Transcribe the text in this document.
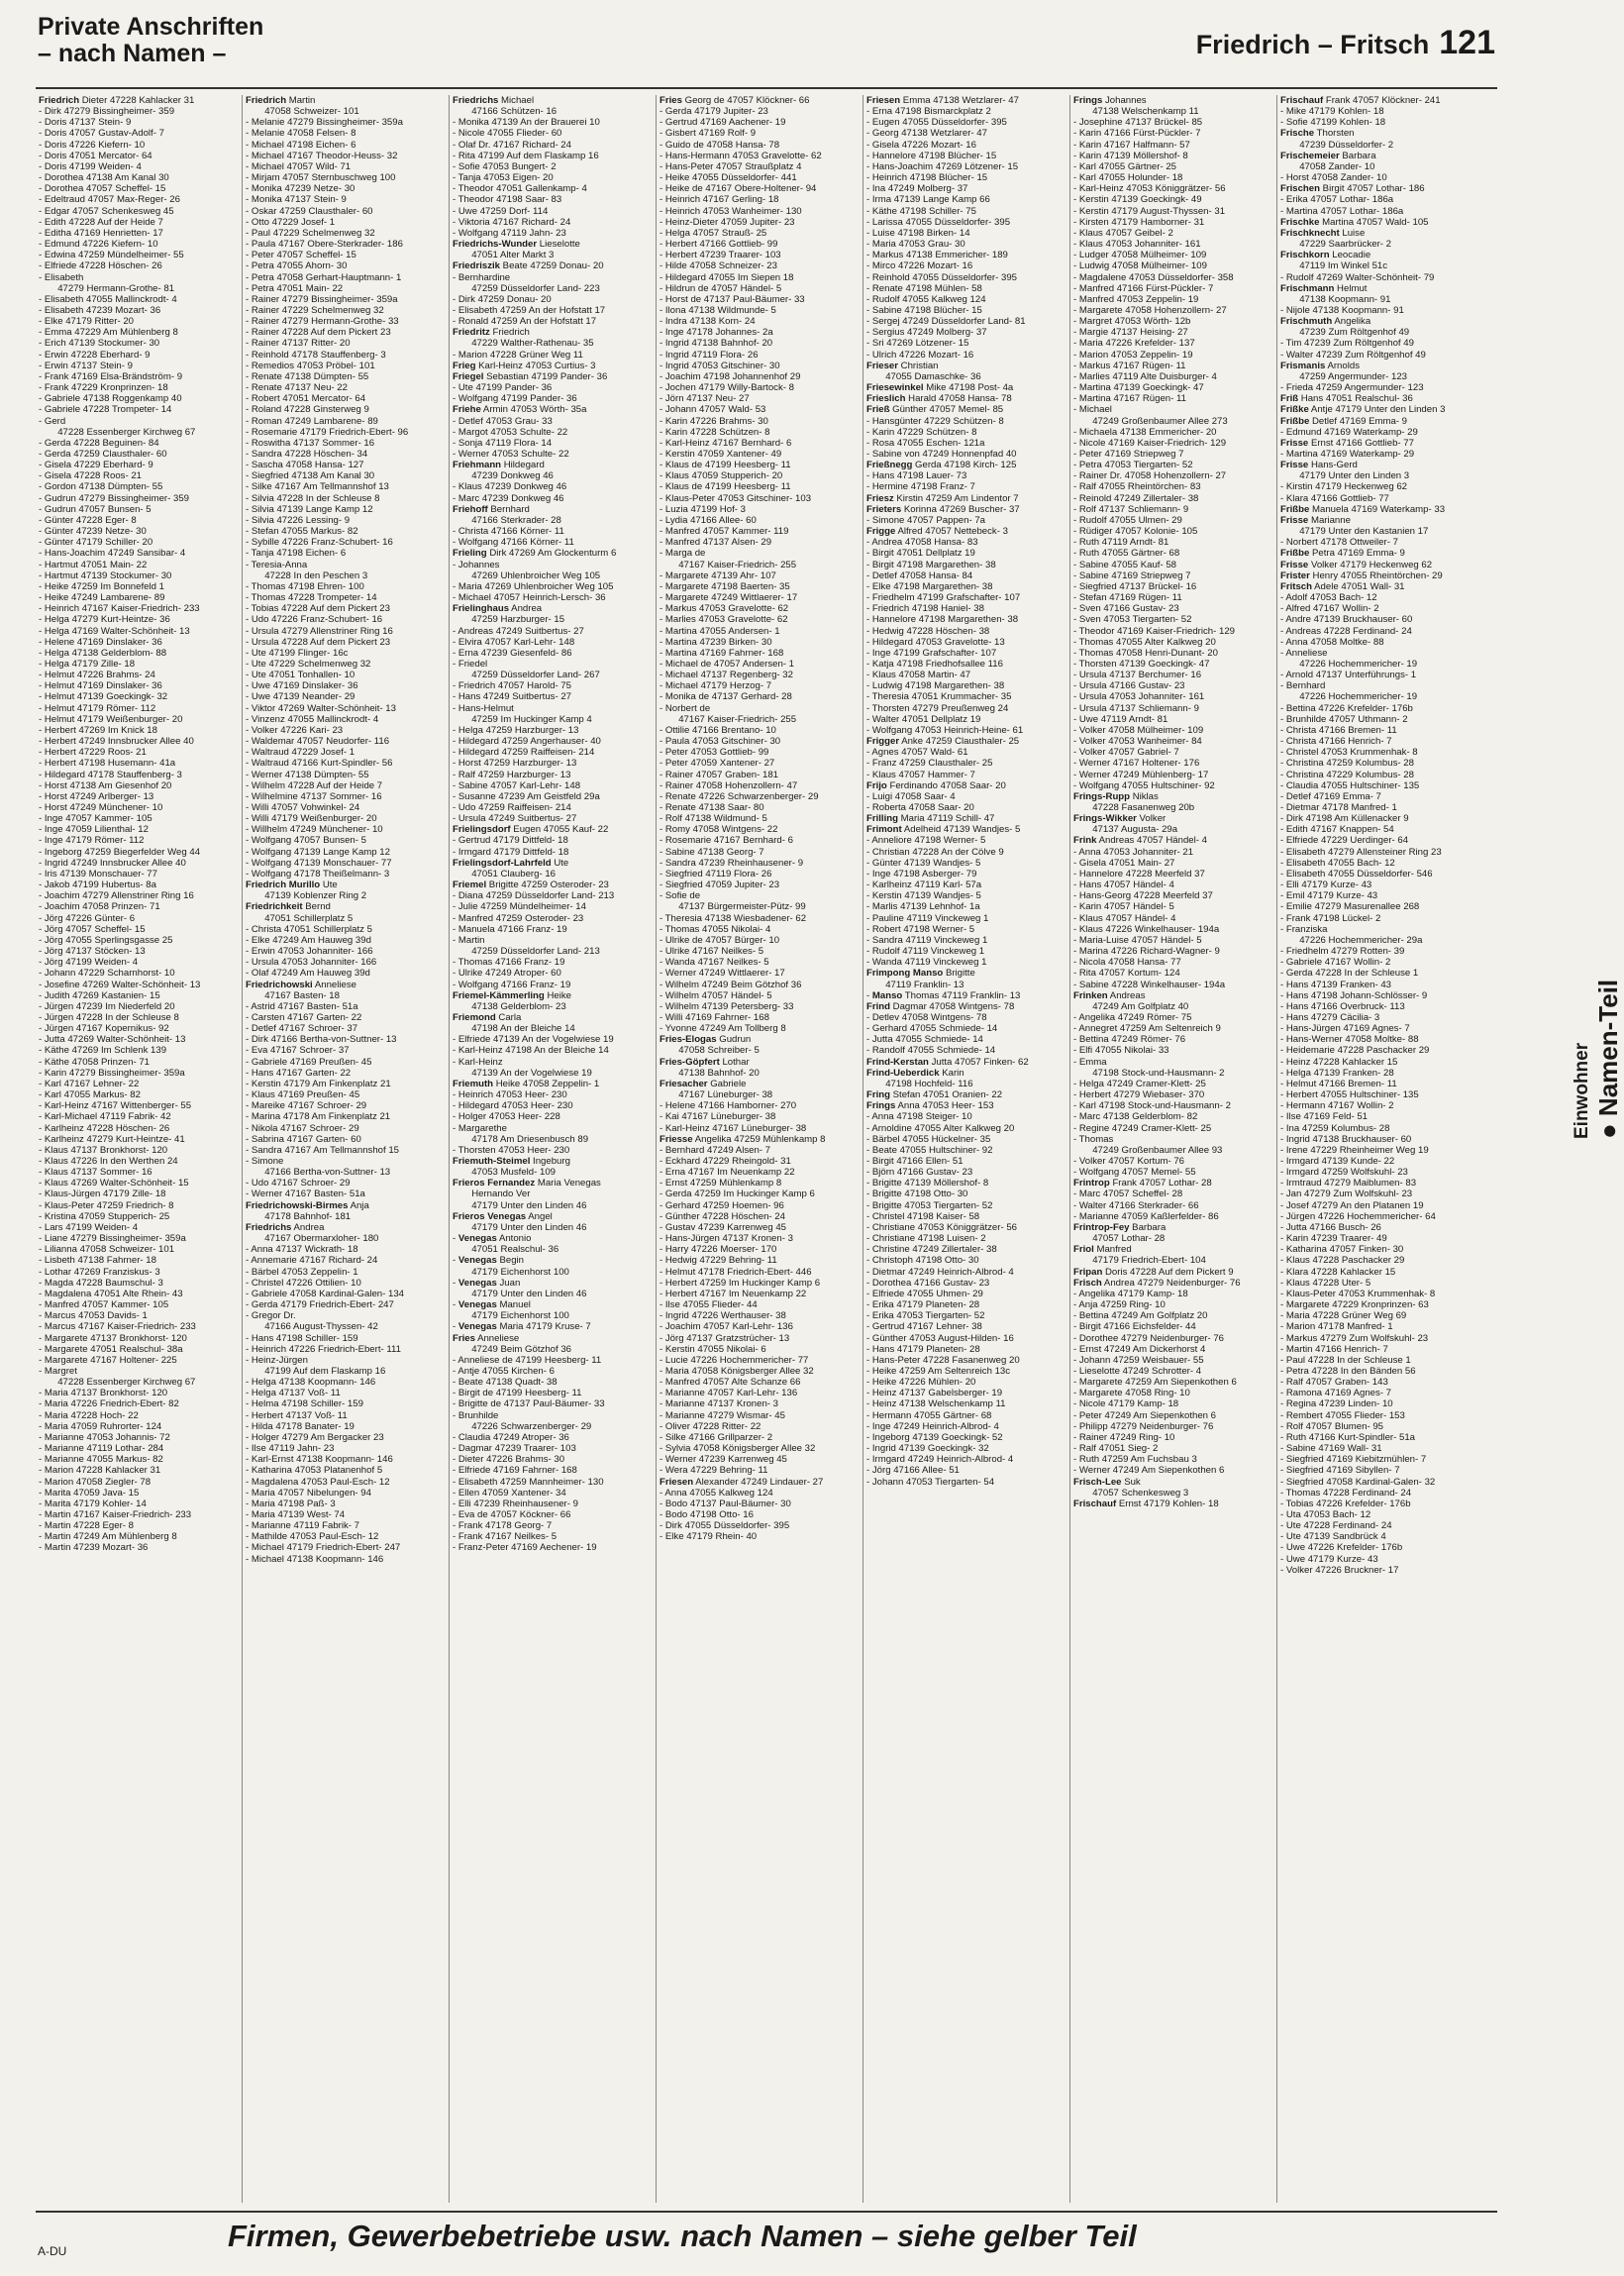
Private Anschriften
– nach Namen –	Friedrich – Fritsch 121
Friedrich Dieter 47228 Kahlacker 31
- Dirk 47279 Bissingheimer- 359
- Doris 47137 Stein- 9
- Doris 47057 Gustav-Adolf- 7
- Doris 47226 Kiefern- 10
- Doris 47051 Mercator- 64
- Doris 47199 Weiden- 4
- Dorothea 47138 Am Kanal 30
- Dorothea 47057 Scheffel- 15
- Edeltraud 47057 Max-Reger- 26
- Edgar 47057 Schenkesweg 45
- Edith 47228 Auf der Heide 7
- Editha 47169 Henrietten- 17
- Edmund 47226 Kiefern- 10
- Edwina 47259 Mündelheimer- 55
- Elfriede 47228 Höschen- 26
- Elisabeth
  47279 Hermann-Grothe- 81
- Elisabeth 47055 Mallinckrodt- 4
- Elisabeth 47239 Mozart- 36
- Elke 47179 Ritter- 20
- Emma 47229 Am Mühlenberg 8
- Erich 47139 Stockumer- 30
- Erwin 47228 Eberhard- 9
- Erwin 47137 Stein- 9
- Frank 47169 Elsa-Brändström- 9
- Frank 47229 Kronprinzen- 18
- Gabriele 47138 Roggenkamp 40
- Gabriele 47228 Trompeter- 14
- Gerd
  47228 Essenberger Kirchweg 67
- Gerda 47228 Beguinen- 84
- Gerda 47259 Clausthaler- 60
- Gisela 47229 Eberhard- 9
- Gisela 47228 Roos- 21
- Gordon 47138 Dümpten- 55
- Gudrun 47279 Bissingheimer- 359
- Gudrun 47057 Bunsen- 5
- Günter 47228 Eger- 8
- Günter 47239 Netze- 30
- Günter 47179 Schiller- 20
- Hans-Joachim 47249 Sansibar- 4
- Hartmut 47051 Main- 22
- Hartmut 47139 Stockumer- 30
- Heike 47259 Im Bonnefeld 1
- Heike 47249 Lambarene- 89
- Heinrich 47167 Kaiser-Friedrich- 233
- Helga 47279 Kurt-Heintze- 36
- Helga 47169 Walter-Schönheit- 13
- Helene 47169 Dinslaker- 36
- Helga 47138 Gelderblom- 88
- Helga 47179 Zille- 18
- Helmut 47226 Brahms- 24
- Helmut 47169 Dinslaker- 36
- Helmut 47139 Goeckingk- 32
- Helmut 47179 Römer- 112
- Helmut 47179 Weißenburger- 20
- Herbert 47269 Im Knick 18
- Herbert 47249 Innsbrucker Allee 40
- Herbert 47229 Roos- 21
- Herbert 47198 Husemann- 41a
- Hildegard 47178 Stauffenberg- 3
- Horst 47138 Am Giesenhof 20
- Horst 47249 Arlberger- 13
- Horst 47249 Münchener- 10
- Inge 47057 Kammer- 105
- Inge 47059 Lilienthal- 12
- Inge 47179 Römer- 112
- Ingeborg 47259 Biegerfelder Weg 44
- Ingrid 47249 Innsbrucker Allee 40
- Iris 47139 Monschauer- 77
- Jakob 47199 Hubertus- 8a
- Joachim 47279 Allenstriner Ring 16
- Joachim 47058 Prinzen- 71
- Jörg 47226 Günter- 6
- Jörg 47057 Scheffel- 15
- Jörg 47055 Sperlingsgasse 25
- Jörg 47137 Stöcken- 13
- Jörg 47199 Weiden- 4
- Johann 47229 Scharnhorst- 10
- Josefine 47269 Walter-Schönheit- 13
- Judith 47269 Kastanien- 15
- Jürgen 47239 Im Niederfeld 20
- Jürgen 47228 In der Schleuse 8
- Jürgen 47167 Kopernikus- 92
- Jutta 47269 Walter-Schönheit- 13
- Käthe 47269 Im Schlenk 139
- Käthe 47058 Prinzen- 71
- Karin 47279 Bissingheimer- 359a
- Karl 47167 Lehner- 22
- Karl 47055 Markus- 82
- Karl-Heinz 47167 Wittenberger- 55
- Karl-Michael 47119 Fabrik- 42
- Karlheinz 47228 Höschen- 26
- Karlheinz 47279 Kurt-Heintze- 41
- Klaus 47137 Bronkhorst- 120
- Klaus 47226 In den Werthen 24
- Klaus 47137 Sommer- 16
- Klaus 47269 Walter-Schönheit- 15
- Klaus-Jürgen 47179 Zille- 18
- Klaus-Peter 47259 Friedrich- 8
- Kristina 47059 Stupperich- 25
- Lars 47199 Weiden- 4
- Liane 47279 Bissingheimer- 359a
- Lilianna 47058 Schweizer- 101
- Lisbeth 47138 Fahrner- 18
- Lothar 47269 Franziskus- 3
- Magda 47228 Baumschul- 3
- Magdalena 47051 Alte Rhein- 43
- Manfred 47057 Kammer- 105
- Marcus 47053 Davids- 1
- Marcus 47167 Kaiser-Friedrich- 233
- Margarete 47137 Bronkhorst- 120
- Margarete 47051 Realschul- 38a
- Margarete 47167 Holtener- 225
- Margret
  47228 Essenberger Kirchweg 67
- Maria 47137 Bronkhorst- 120
- Maria 47226 Friedrich-Ebert- 82
- Maria 47228 Hoch- 22
- Maria 47059 Ruhrorter- 124
- Marianne 47053 Johannis- 72
- Marianne 47119 Lothar- 284
- Marianne 47055 Markus- 82
- Marion 47228 Kahlacker 31
- Marion 47058 Ziegler- 78
- Marita 47059 Java- 15
- Marita 47179 Kohler- 14
- Martin 47167 Kaiser-Friedrich- 233
- Martin 47228 Eger- 8
- Martin 47249 Am Mühlenberg 8
- Martin 47239 Mozart- 36
Friedrich Martin
  47058 Schweizer- 101
- Melanie 47279 Bissingheimer- 359a
- Melanie 47058 Felsen- 8
- Michael 47198 Eichen- 6
- Michael 47167 Theodor-Heuss- 32
- Michael 47057 Wild- 71
- Mirjam 47057 Sternbuschweg 100
- Monika 47239 Netze- 30
- Monika 47137 Stein- 9
- Oskar 47259 Clausthaler- 60
- Otto 47229 Josef- 1
- Paul 47229 Schelmenweg 32
- Paula 47167 Obere-Sterkrader- 186
- Peter 47057 Scheffel- 15
- Petra 47055 Ahorn- 30
- Petra 47058 Gerhart-Hauptmann- 1
- Petra 47051 Main- 22
- Rainer 47279 Bissingheimer- 359a
- Rainer 47229 Schelmenweg 32
- Rainer 47279 Hermann-Grothe- 33
- Rainer 47228 Auf dem Pickert 23
- Rainer 47137 Ritter- 20
- Reinhold 47178 Stauffenberg- 3
- Remedios 47053 Pröbel- 101
- Renate 47138 Dümpten- 55
- Renate 47137 Neu- 22
- Robert 47051 Mercator- 64
- Roland 47228 Ginsterweg 9
- Roman 47249 Lambarene- 89
- Rosemarie 47179 Friedrich-Ebert- 96
- Roswitha 47137 Sommer- 16
- Sandra 47228 Höschen- 34
- Sascha 47058 Hansa- 127
- Siegfried 47138 Am Kanal 30
- Silke 47167 Am Tellmannshof 13
- Silvia 47228 In der Schleuse 8
- Silvia 47139 Lange Kamp 12
- Silvia 47226 Lessing- 9
- Stefan 47055 Markus- 82
- Sybille 47226 Franz-Schubert- 16
- Tanja 47198 Eichen- 6
- Teresia-Anna
  47228 In den Peschen 3
- Thomas 47198 Ehren- 100
- Thomas 47228 Trompeter- 14
- Tobias 47228 Auf dem Pickert 23
- Udo 47226 Franz-Schubert- 16
- Ursula 47279 Allenstriner Ring 16
- Ursula 47228 Auf dem Pickert 23
- Ute 47199 Flinger- 16c
- Ute 47229 Schelmenweg 32
- Ute 47051 Tonhallen- 10
- Uwe 47169 Dinslaker- 36
- Uwe 47139 Neander- 29
- Viktor 47269 Walter-Schönheit- 13
- Vinzenz 47055 Mallinckrodt- 4
- Volker 47226 Kari- 23
- Waldemar 47057 Neudorfer- 116
- Waltraud 47229 Josef- 1
- Waltraud 47166 Kurt-Spindler- 56
- Werner 47138 Dümpten- 55
- Wilhelm 47228 Auf der Heide 7
- Wilhelmine 47137 Sommer- 16
- Willi 47057 Vohwinkel- 24
- Willi 47179 Weißenburger- 20
- Willhelm 47249 Münchener- 10
- Wolfgang 47057 Bunsen- 5
- Wolfgang 47139 Lange Kamp 12
- Wolfgang 47139 Monschauer- 77
- Wolfgang 47178 Theißelmann- 3
Friedrich Murillo Ute
  47139 Koblenzer Ring 2
Friedrichkeit Bernd
  47051 Schillerplatz 5
- Christa 47051 Schillerplatz 5
- Elke 47249 Am Hauweg 39d
- Erwin 47053 Johanniter- 166
- Ursula 47053 Johanniter- 166
- Olaf 47249 Am Hauweg 39d
Friedrichowski Anneliese
  47167 Basten- 18
- Astrid 47167 Basten- 51a
- Carsten 47167 Garten- 22
- Detlef 47167 Schroer- 37
- Dirk 47166 Bertha-von-Suttner- 13
- Eva 47167 Schroer- 37
- Gabriele 47169 Preußen- 45
- Hans 47167 Garten- 22
- Kerstin 47179 Am Finkenplatz 21
- Klaus 47169 Preußen- 45
- Mareike 47167 Schroer- 29
- Marina 47178 Am Finkenplatz 21
- Nikola 47167 Schroer- 29
- Sabrina 47167 Garten- 60
- Sandra 47167 Am Tellmannshof 15
- Simone
  47166 Bertha-von-Suttner- 13
- Udo 47167 Schroer- 29
- Werner 47167 Basten- 51a
Friedrichowski-Birmes Anja
  47178 Bahnhof- 181
Friedrichs Andrea
  47167 Obermarxloher- 180
- Anna 47137 Wickrath- 18
- Annemarie 47167 Richard- 24
- Bärbel 47053 Zeppelin- 1
- Christel 47226 Ottilien- 10
- Gabriele 47058 Kardinal-Galen- 134
- Gerda 47179 Friedrich-Ebert- 247
- Gregor Dr.
  47166 August-Thyssen- 42
- Hans 47198 Schiller- 159
- Heinrich 47226 Friedrich-Ebert- 111
- Heinz-Jürgen
  47199 Auf dem Flaskamp 16
- Helga 47138 Koopmann- 146
- Helga 47137 Voß- 11
- Helma 47198 Schiller- 159
- Herbert 47137 Voß- 11
- Hilda 47178 Banater- 19
- Holger 47279 Am Bergacker 23
- Ilse 47119 Jahn- 23
- Karl-Ernst 47138 Koopmann- 146
- Katharina 47053 Platanenhof 5
- Magdalena 47053 Paul-Esch- 12
- Maria 47057 Nibelungen- 94
- Maria 47198 Paß- 3
- Maria 47139 West- 74
- Marianne 47119 Fabrik- 7
- Mathilde 47053 Paul-Esch- 12
- Michael 47179 Friedrich-Ebert- 247
- Michael 47138 Koopmann- 146
Friedrichs Michael
  47166 Schützen- 16
- Monika 47139 An der Brauerei 10
- Nicole 47055 Flieder- 60
- Olaf Dr. 47167 Richard- 24
- Rita 47199 Auf dem Flaskamp 16
- Sofie 47053 Bungert- 2
- Tanja 47053 Eigen- 20
- Theodor 47051 Gallenkamp- 4
- Theodor 47198 Saar- 83
- Uwe 47259 Dorf- 114
- Viktoria 47167 Richard- 24
- Wolfgang 47119 Jahn- 23
Friedrichs-Wunder Lieselotte
  47051 Alter Markt 3
Friedriszik Beate 47259 Donau- 20
- Bernhardine
  47259 Düsseldorfer Land- 223
- Dirk 47259 Donau- 20
- Elisabeth 47259 An der Hofstatt 17
- Ronald 47259 An der Hofstatt 17
Friedritz Friedrich
  47229 Walther-Rathenau- 35
- Marion 47228 Grüner Weg 11
Frieg Karl-Heinz 47053 Curtius- 3
Friegel Sebastian 47199 Pander- 36
- Ute 47199 Pander- 36
- Wolfgang 47199 Pander- 36
Friehe Armin 47053 Wörth- 35a
- Detlef 47053 Grau- 33
- Margot 47053 Schulte- 22
- Sonja 47119 Flora- 14
- Werner 47053 Schulte- 22
Friehmann Hildegard
  47239 Donkweg 46
- Klaus 47239 Donkweg 46
- Marc 47239 Donkweg 46
Friehoff Bernhard
  47166 Sterkrader- 28
- Christa 47166 Körner- 11
- Wolfgang 47166 Körner- 11
Frieling Dirk 47269 Am Glockenturm 6
- Johannes
  47269 Uhlenbroicher Weg 105
- Maria 47269 Uhlenbroicher Weg 105
- Michael 47057 Heinrich-Lersch- 36
Frielinghaus Andrea
  47259 Harzburger- 15
- Andreas 47249 Suitbertus- 27
- Elvira 47057 Karl-Lehr- 148
- Erna 47239 Giesenfeld- 86
- Friedel
  47259 Düsseldorfer Land- 267
- Friedrich 47057 Harold- 75
- Hans 47249 Suitbertus- 27
- Hans-Helmut
  47259 Im Huckinger Kamp 4
- Helga 47259 Harzburger- 13
- Hildegard 47259 Angerhauser- 40
- Hildegard 47259 Raiffeisen- 214
- Horst 47259 Harzburger- 13
- Ralf 47259 Harzburger- 13
- Sabine 47057 Karl-Lehr- 148
- Susanne 47239 Am Geistfeld 29a
- Udo 47259 Raiffeisen- 214
- Ursula 47249 Suitbertus- 27
Frielingsdorf Eugen 47055 Kauf- 22
- Gertrud 47179 Dittfeld- 18
- Irmgard 47179 Dittfeld- 18
Frielingsdorf-Lahrfeld Ute
  47051 Clauberg- 16
Friemel Brigitte 47259 Osteroder- 23
- Diana 47259 Düsseldorfer Land- 213
- Julie 47259 Mündelheimer- 14
- Manfred 47259 Osteroder- 23
- Manuela 47166 Franz- 19
- Martin
  47259 Düsseldorfer Land- 213
- Thomas 47166 Franz- 19
- Ulrike 47249 Atroper- 60
- Wolfgang 47166 Franz- 19
Friemel-Kämmerling Heike
  47138 Gelderblom- 23
Friemond Carla
  47198 An der Bleiche 14
- Elfriede 47139 An der Vogelwiese 19
- Karl-Heinz 47198 An der Bleiche 14
- Karl-Heinz
  47139 An der Vogelwiese 19
Friemuth Heike 47058 Zeppelin- 1
- Heinrich 47053 Heer- 230
- Hildegard 47053 Heer- 230
- Holger 47053 Heer- 228
- Margarethe
  47178 Am Driesenbusch 89
- Thorsten 47053 Heer- 230
Friemuth-Steimel Ingeburg
  47053 Musfeld- 109
Frieros Fernandez Maria Venegas
  Hernando Ver
  47179 Unter den Linden 46
Frieros Venegas Angel
  47179 Unter den Linden 46
- Venegas Antonio
  47051 Realschul- 36
- Venegas Begin
  47179 Eichenhorst 100
- Venegas Juan
  47179 Unter den Linden 46
- Venegas Manuel
  47179 Eichenhorst 100
- Venegas Maria 47179 Kruse- 7
Fries Anneliese
  47249 Beim Götzhof 36
- Anneliese de 47199 Heesberg- 11
- Antje 47055 Kirchen- 6
- Beate 47138 Quadt- 38
- Birgit de 47199 Heesberg- 11
- Brigitte de 47137 Paul-Bäumer- 33
- Brunhilde
  47226 Schwarzenberger- 29
- Claudia 47249 Atroper- 36
- Dagmar 47239 Traarer- 103
- Dieter 47226 Brahms- 30
- Elfriede 47169 Fahrner- 168
- Elisabeth 47259 Mannheimer- 130
- Ellen 47059 Xantener- 34
- Elli 47239 Rheinhausener- 9
- Eva de 47057 Köckner- 66
- Frank 47178 Georg- 7
- Frank 47167 Neilkes- 5
- Franz-Peter 47169 Aechener- 19
Fries Georg de 47057 Klöckner- 66
- Gerda 47179 Jupiter- 23
- Gertrud 47169 Aachener- 19
- Gisbert 47169 Rolf- 9
- Guido de 47058 Hansa- 78
- Hans-Hermann 47053 Gravelotte- 62
- Hans-Peter 47057 Straußplatz 4
- Heike 47055 Düsseldorfer- 441
- Heike de 47167 Obere-Holtener- 94
- Heinrich 47167 Gerling- 18
- Heinrich 47053 Wanheimer- 130
- Heinz-Dieter 47059 Jupiter- 23
- Helga 47057 Strauß- 25
- Herbert 47166 Gottlieb- 99
- Herbert 47239 Traarer- 103
- Hilde 47058 Schneizer- 23
- Hildegard 47055 Im Siepen 18
- Hildrun de 47057 Händel- 5
- Horst de 47137 Paul-Bäumer- 33
- Ilona 47138 Wildmunde- 5
- Indra 47138 Korn- 24
- Inge 47178 Johannes- 2a
- Ingrid 47138 Bahnhof- 20
- Ingrid 47119 Flora- 26
- Ingrid 47053 Gitschiner- 30
- Joachim 47198 Johannenhof 29
- Jochen 47179 Willy-Bartock- 8
- Jörn 47137 Neu- 27
- Johann 47057 Wald- 53
- Karin 47226 Brahms- 30
- Karin 47228 Schützen- 8
- Karl-Heinz 47167 Bernhard- 6
- Kerstin 47059 Xantener- 49
- Klaus de 47199 Heesberg- 11
- Klaus 47059 Stupperich- 20
- Klaus de 47199 Heesberg- 11
- Klaus-Peter 47053 Gitschiner- 103
- Luzia 47199 Hof- 3
- Lydia 47166 Allee- 60
- Manfred 47057 Kammer- 119
- Manfred 47137 Alsen- 29
- Marga de
  47167 Kaiser-Friedrich- 255
- Margarete 47139 Ahr- 107
- Margarete 47198 Baerten- 35
- Margarete 47249 Wittlaerer- 17
- Markus 47053 Gravelotte- 62
- Marlies 47053 Gravelotte- 62
- Martina 47055 Andersen- 1
- Martina 47239 Birken- 30
- Martina 47169 Fahrner- 168
- Michael de 47057 Andersen- 1
- Michael 47137 Regenberg- 32
- Michael 47179 Herzog- 7
- Monika de 47137 Gerhard- 28
- Norbert de
  47167 Kaiser-Friedrich- 255
- Ottilie 47166 Brentano- 10
- Paula 47053 Gitschiner- 30
- Peter 47053 Gottlieb- 99
- Peter 47059 Xantener- 27
- Rainer 47057 Graben- 181
- Rainer 47058 Hohenzollern- 47
- Renate 47226 Schwarzenberger- 29
- Renate 47138 Saar- 80
- Rolf 47138 Wildmund- 5
- Romy 47058 Wintgens- 22
- Rosemarie 47167 Bernhard- 6
- Sabine 47138 Georg- 7
- Sandra 47239 Rheinhausener- 9
- Siegfried 47119 Flora- 26
- Siegfried 47059 Jupiter- 23
- Sofie de
  47137 Bürgermeister-Pütz- 99
- Theresia 47138 Wiesbadener- 62
- Thomas 47055 Nikolai- 4
- Ulrike de 47057 Bürger- 10
- Ulrike 47167 Neilkes- 5
- Wanda 47167 Neilkes- 5
- Werner 47249 Wittlaerer- 17
- Wilhelm 47249 Beim Götzhof 36
- Wilhelm 47057 Händel- 5
- Wilhelm 47139 Petersberg- 33
- Willi 47169 Fahrner- 168
- Yvonne 47249 Am Tollberg 8
Fries-Elogas Gudrun
  47058 Schreiber- 5
Fries-Göpfert Lothar
  47138 Bahnhof- 20
Friesacher Gabriele
  47167 Lüneburger- 38
- Helene 47166 Hamborner- 270
- Kai 47167 Lüneburger- 38
- Karl-Heinz 47167 Lüneburger- 38
Friesse Angelika 47259 Mühlenkamp 8
- Bernhard 47249 Alsen- 7
- Eckhard 47229 Rheingold- 31
- Erna 47167 Im Neuenkamp 22
- Ernst 47259 Mühlenkamp 8
- Gerda 47259 Im Huckinger Kamp 6
- Gerhard 47259 Hoemen- 96
- Günther 47228 Höschen- 24
- Gustav 47239 Karrenweg 45
- Hans-Jürgen 47137 Kronen- 3
- Harry 47226 Moerser- 170
- Hedwig 47229 Behring- 11
- Helmut 47178 Friedrich-Ebert- 446
- Herbert 47259 Im Huckinger Kamp 6
- Herbert 47167 Im Neuenkamp 22
- Ilse 47055 Flieder- 44
- Ingrid 47226 Werthauser- 38
- Joachim 47057 Karl-Lehr- 136
- Jörg 47137 Gratzstrücher- 13
- Kerstin 47055 Nikolai- 6
- Lucie 47226 Hochemmericher- 77
- Maria 47058 Königsberger Allee 32
- Manfred 47057 Alte Schanze 66
- Marianne 47057 Karl-Lehr- 136
- Marianne 47137 Kronen- 3
- Marianne 47279 Wismar- 45
- Oliver 47228 Ritter- 22
- Silke 47166 Grillparzer- 2
- Sylvia 47058 Königsberger Allee 32
- Werner 47239 Karrenweg 45
- Wera 47229 Behring- 11
Friesen Alexander 47249 Lindauer- 27
- Anna 47055 Kalkweg 124
- Bodo 47137 Paul-Bäumer- 30
- Bodo 47198 Otto- 16
- Dirk 47055 Düsseldorfer- 395
- Elke 47179 Rhein- 40
Friesen Emma 47138 Wetzlarer- 47
- Erna 47198 Bismarckplatz 2
- Eugen 47055 Düsseldorfer- 395
- Georg 47138 Wetzlarer- 47
- Gisela 47226 Mozart- 16
- Hannelore 47198 Blücher- 15
- Hans-Joachim 47269 Lötzener- 15
- Heinrich 47198 Blücher- 15
- Ina 47249 Molberg- 37
- Irma 47139 Lange Kamp 66
- Käthe 47198 Schiller- 75
- Larissa 47055 Düsseldorfer- 395
- Luise 47198 Birken- 14
- Maria 47053 Grau- 30
- Markus 47138 Emmericher- 189
- Mirco 47226 Mozart- 16
- Reinhold 47055 Düsseldorfer- 395
- Renate 47198 Mühlen- 58
- Rudolf 47055 Kalkweg 124
- Sabine 47198 Blücher- 15
- Sergej 47249 Düsseldorfer Land- 81
- Sergius 47249 Molberg- 37
- Sri 47269 Lötzener- 15
- Ulrich 47226 Mozart- 16
Frieser Christian
  47055 Damaschke- 36
Friesewinkel Mike 47198 Post- 4a
Frieslich Harald 47058 Hansa- 78
Frieß Günther 47057 Memel- 85
- Hansgünter 47229 Schützen- 8
- Karin 47229 Schützen- 8
- Rosa 47055 Eschen- 121a
- Sabine von 47249 Honnenpfad 40
Frießnegg Gerda 47198 Kirch- 125
- Hans 47198 Lauer- 73
- Hermine 47198 Franz- 7
Friesz Kirstin 47259 Am Lindentor 7
Frieters Korinna 47269 Buscher- 37
- Simone 47057 Pappen- 7a
Frigge Alfred 47057 Nettebeck- 3
- Andrea 47058 Hansa- 83
- Birgit 47051 Dellplatz 19
- Birgit 47198 Margarethen- 38
- Detlef 47058 Hansa- 84
- Elke 47198 Margarethen- 38
- Friedhelm 47199 Grafschafter- 107
- Friedrich 47198 Haniel- 38
- Hannelore 47198 Margarethen- 38
- Hedwig 47228 Höschen- 38
- Hildegard 47053 Gravelotte- 13
- Inge 47199 Grafschafter- 107
- Katja 47198 Friedhofsallee 116
- Klaus 47058 Martin- 47
- Ludwig 47198 Margarethen- 38
- Theresia 47051 Krummacher- 35
- Thorsten 47279 Preußenweg 24
- Walter 47051 Dellplatz 19
- Wolfgang 47053 Heinrich-Heine- 61
Frigger Anke 47259 Clausthaler- 25
- Agnes 47057 Wald- 61
- Franz 47259 Clausthaler- 25
- Klaus 47057 Hammer- 7
Frijo Ferdinando 47058 Saar- 20
- Luigi 47058 Saar- 4
- Roberta 47058 Saar- 20
Frilling Maria 47119 Schill- 47
Frimont Adelheid 47139 Wandjes- 5
- Anneliore 47198 Werner- 5
- Christian 47228 An der Cölve 9
- Günter 47139 Wandjes- 5
- Inge 47198 Asberger- 79
- Karlheinz 47119 Karl- 57a
- Kerstin 47139 Wandjes- 5
- Marlis 47139 Lehnhof- 1a
- Pauline 47119 Vinckeweg 1
- Robert 47198 Werner- 5
- Sandra 47119 Vinckeweg 1
- Rudolf 47119 Vinckeweg 1
- Wanda 47119 Vinckeweg 1
Frimpong Manso Brigitte
  47119 Franklin- 13
- Manso Thomas 47119 Franklin- 13
Frind Dagmar 47058 Wintgens- 78
- Detlev 47058 Wintgens- 78
- Gerhard 47055 Schmiede- 14
- Jutta 47055 Schmiede- 14
- Randolf 47055 Schmiede- 14
Frind-Kerstan Jutta 47057 Finken- 62
Frind-Ueberdick Karin
  47198 Hochfeld- 116
Fring Stefan 47051 Oranien- 22
Frings Anna 47053 Heer- 153
- Anna 47198 Steiger- 10
- Arnoldine 47055 Alter Kalkweg 20
- Bärbel 47055 Hückelner- 35
- Beate 47055 Hultschiner- 92
- Birgit 47166 Ellen- 51
- Björn 47166 Gustav- 23
- Brigitte 47139 Möllershof- 8
- Brigitte 47198 Otto- 30
- Brigitte 47053 Tiergarten- 52
- Christel 47198 Kaiser- 58
- Christiane 47053 Königgrätzer- 56
- Christiane 47198 Luisen- 2
- Christine 47249 Zillertaler- 38
- Christoph 47198 Otto- 30
- Dietmar 47249 Heinrich-Albrod- 4
- Dorothea 47166 Gustav- 23
- Elfriede 47055 Uhmen- 29
- Erika 47179 Planeten- 28
- Erika 47053 Tiergarten- 52
- Gertrud 47167 Lehner- 38
- Günther 47053 August-Hilden- 16
- Hans 47179 Planeten- 28
- Hans-Peter 47228 Fasanenweg 20
- Heike 47259 Am Seltenreich 13c
- Heike 47226 Mühlen- 20
- Heinz 47137 Gabelsberger- 19
- Heinz 47138 Welschenkamp 11
- Hermann 47055 Gärtner- 68
- Inge 47249 Heinrich-Albrod- 4
- Ingeborg 47139 Goeckingk- 52
- Ingrid 47139 Goeckingk- 32
- Irmgard 47249 Heinrich-Albrod- 4
- Jörg 47166 Allee- 51
- Johann 47053 Tiergarten- 54
Frings Johannes
  47138 Welschenkamp 11
- Josephine 47137 Brückel- 85
- Karin 47166 Fürst-Pückler- 7
- Karin 47167 Halfmann- 57
- Karin 47139 Möllershof- 8
- Karl 47055 Gärtner- 25
- Karl 47055 Holunder- 18
- Karl-Heinz 47053 Königgrätzer- 56
- Kerstin 47139 Goeckingk- 49
- Kerstin 47179 August-Thyssen- 31
- Kirsten 47179 Hamborner- 31
- Klaus 47057 Geibel- 2
- Klaus 47053 Johanniter- 161
- Ludger 47058 Mülheimer- 109
- Ludwig 47058 Mülheimer- 109
- Magdalene 47053 Düsseldorfer- 358
- Manfred 47166 Fürst-Pückler- 7
- Manfred 47053 Zeppelin- 19
- Margarete 47058 Hohenzollern- 27
- Margret 47053 Wörth- 12b
- Margie 47137 Heising- 27
- Maria 47226 Krefelder- 137
- Marion 47053 Zeppelin- 19
- Markus 47167 Rügen- 11
- Marlies 47119 Alte Duisburger- 4
- Martina 47139 Goeckingk- 47
- Martina 47167 Rügen- 11
- Michael
  47249 Großenbaumer Allee 273
- Michaela 47138 Emmericher- 20
- Nicole 47169 Kaiser-Friedrich- 129
- Peter 47169 Striepweg 7
- Petra 47053 Tiergarten- 52
- Rainer Dr. 47058 Hohenzollern- 27
- Ralf 47055 Rheintörchen- 83
- Reinold 47249 Zillertaler- 38
- Rolf 47137 Schliemann- 9
- Rudolf 47055 Ulmen- 29
- Rüdiger 47057 Kolonie- 105
- Ruth 47119 Arndt- 81
- Ruth 47055 Gärtner- 68
- Sabine 47055 Kauf- 58
- Sabine 47169 Striepweg 7
- Siegfried 47137 Brückel- 16
- Stefan 47169 Rügen- 11
- Sven 47166 Gustav- 23
- Sven 47053 Tiergarten- 52
- Theodor 47169 Kaiser-Friedrich- 129
- Thomas 47055 Alter Kalkweg 20
- Thomas 47058 Henri-Dunant- 20
- Thorsten 47139 Goeckingk- 47
- Ursula 47137 Berchumer- 16
- Ursula 47166 Gustav- 23
- Ursula 47053 Johanniter- 161
- Ursula 47137 Schliemann- 9
- Uwe 47119 Arndt- 81
- Volker 47058 Mülheimer- 109
- Volker 47053 Wanheimer- 84
- Volker 47057 Gabriel- 7
- Werner 47167 Holtener- 176
- Werner 47249 Mühlenberg- 17
- Wolfgang 47055 Hultschiner- 92
Frings-Rupp Niklas
  47228 Fasanenweg 20b
Frings-Wikker Volker
  47137 Augusta- 29a
Frink Andreas 47057 Händel- 4
- Anna 47053 Johanniter- 21
- Gisela 47051 Main- 27
- Hannelore 47228 Meerfeld 37
- Hans 47057 Händel- 4
- Hans-Georg 47228 Meerfeld 37
- Karin 47057 Händel- 5
- Klaus 47057 Händel- 4
- Klaus 47226 Winkelhauser- 194a
- Maria-Luise 47057 Händel- 5
- Marina 47226 Richard-Wagner- 9
- Nicola 47058 Hansa- 77
- Rita 47057 Kortum- 124
- Sabine 47228 Winkelhauser- 194a
Frinken Andreas
  47249 Am Golfplatz 40
- Angelika 47249 Römer- 75
- Annegret 47259 Am Seltenreich 9
- Bettina 47249 Römer- 76
- Elfi 47055 Nikolai- 33
- Emma
  47198 Stock-und-Hausmann- 2
- Helga 47249 Cramer-Klett- 25
- Herbert 47279 Wiebaser- 370
- Karl 47198 Stock-und-Hausmann- 2
- Marc 47138 Gelderblom- 82
- Regine 47249 Cramer-Klett- 25
- Thomas
  47249 Großenbaumer Allee 93
- Volker 47057 Kortum- 76
- Wolfgang 47057 Memel- 55
Frintrop Frank 47057 Lothar- 28
- Marc 47057 Scheffel- 28
- Walter 47166 Sterkrader- 66
- Marianne 47059 Kaßlerfelder- 86
Frintrop-Fey Barbara
  47057 Lothar- 28
Friol Manfred
  47179 Friedrich-Ebert- 104
Fripan Doris 47228 Auf dem Pickert 9
Frisch Andrea 47279 Neidenburger- 76
- Angelika 47179 Kamp- 18
- Anja 47259 Ring- 10
- Bettina 47249 Am Golfplatz 20
- Birgit 47166 Eichsfelder- 44
- Dorothee 47279 Neidenburger- 76
- Ernst 47249 Am Dickerhorst 4
- Johann 47259 Weisbauer- 55
- Lieselotte 47249 Schrotter- 4
- Margarete 47259 Am Siepenkothen 6
- Margarete 47058 Ring- 10
- Nicole 47179 Kamp- 18
- Peter 47249 Am Siepenkothen 6
- Philipp 47279 Neidenburger- 76
- Rainer 47249 Ring- 10
- Ralf 47051 Sieg- 2
- Ruth 47259 Am Fuchsbau 3
- Werner 47249 Am Siepenkothen 6
Frisch-Lee Suk
  47057 Schenkesweg 3
Frischauf Ernst 47179 Kohlen- 18
Frischauf Frank 47057 Klöckner- 241
- Mike 47179 Kohlen- 18
- Sofie 47199 Kohlen- 18
Frische Thorsten
  47239 Düsseldorfer- 2
Frischemeier Barbara
  47058 Zander- 10
- Horst 47058 Zander- 10
Frischen Birgit 47057 Lothar- 186
- Erika 47057 Lothar- 186a
- Martina 47057 Lothar- 186a
Frischke Martina 47057 Wald- 105
Frischknecht Luise
  47229 Saarbrücker- 2
Frischkorn Leocadie
  47119 Im Winkel 51c
- Rudolf 47269 Walter-Schönheit- 79
Frischmann Helmut
  47138 Koopmann- 91
- Nijole 47138 Koopmann- 91
Frischmuth Angelika
  47239 Zum Röltgenhof 49
- Tim 47239 Zum Röltgenhof 49
- Walter 47239 Zum Röltgenhof 49
Frismanis Arnolds
  47259 Angermunder- 123
- Frieda 47259 Angermunder- 123
Friß Hans 47051 Realschul- 36
Frißke Antje 47179 Unter den Linden 3
Frißbe Detlef 47169 Emma- 9
- Edmund 47169 Waterkamp- 29
Frisse Ernst 47166 Gottlieb- 77
- Martina 47169 Waterkamp- 29
Frisse Hans-Gerd
  47179 Unter den Linden 3
- Kirstin 47179 Heckenweg 62
- Klara 47166 Gottlieb- 77
Frißbe Manuela 47169 Waterkamp- 33
Frisse Marianne
  47179 Unter den Kastanien 17
- Norbert 47178 Ottweiler- 7
Frißbe Petra 47169 Emma- 9
Frisse Volker 47179 Heckenweg 62
Frister Henry 47055 Rheintörchen- 29
Fritsch Adele 47051 Wall- 31
- Adolf 47053 Bach- 12
- Alfred 47167 Wollin- 2
- Andre 47139 Bruckhauser- 60
- Andreas 47228 Ferdinand- 24
- Anna 47058 Moltke- 88
- Anneliese
  47226 Hochemmericher- 19
- Arnold 47137 Unterführungs- 1
- Bernhard
  47226 Hochemmericher- 19
- Bettina 47226 Krefelder- 176b
- Brunhilde 47057 Uthmann- 2
- Christa 47166 Bremen- 11
- Christa 47166 Henrich- 7
- Christel 47053 Krummenhak- 8
- Christina 47259 Kolumbus- 28
- Christina 47229 Kolumbus- 28
- Claudia 47055 Hultschiner- 135
- Detlef 47169 Emma- 7
- Dietmar 47178 Manfred- 1
- Dirk 47198 Am Küllenacker 9
- Edith 47167 Knappen- 54
- Elfriede 47229 Uerdinger- 64
- Elisabeth 47279 Allensteiner Ring 23
- Elisabeth 47055 Bach- 12
- Elisabeth 47055 Düsseldorfer- 546
- Elli 47179 Kurze- 43
- Emil 47179 Kurze- 43
- Emilie 47279 Masurenallee 268
- Frank 47198 Lückel- 2
- Franziska
  47226 Hochemmericher- 29a
- Friedhelm 47279 Rotten- 39
- Gabriele 47167 Wollin- 2
- Gerda 47228 In der Schleuse 1
- Hans 47139 Franken- 43
- Hans 47198 Johann-Schlösser- 9
- Hans 47166 Overbruck- 113
- Hans 47279 Cäcilia- 3
- Hans-Jürgen 47169 Agnes- 7
- Hans-Werner 47058 Moltke- 88
- Heidemarie 47228 Paschacker 29
- Heinz 47228 Kahlacker 15
- Helga 47139 Franken- 28
- Helmut 47166 Bremen- 11
- Herbert 47055 Hultschiner- 135
- Hermann 47167 Wollin- 2
- Ilse 47169 Feld- 51
- Ina 47259 Kolumbus- 28
- Ingrid 47138 Bruckhauser- 60
- Irene 47229 Rheinheimer Weg 19
- Irmgard 47139 Kunde- 22
- Irmgard 47259 Wolfskuhl- 23
- Irmtraud 47279 Maiblumen- 83
- Jan 47279 Zum Wolfskuhl- 23
- Josef 47279 An den Platanen 19
- Jürgen 47226 Hochemmericher- 64
- Jutta 47166 Busch- 26
- Karin 47239 Traarer- 49
- Katharina 47057 Finken- 30
- Klaus 47228 Paschacker 29
- Klara 47228 Kahlacker 15
- Klaus 47228 Uter- 5
- Klaus-Peter 47053 Krummenhak- 8
- Margarete 47229 Kronprinzen- 63
- Maria 47228 Grüner Weg 69
- Marion 47178 Manfred- 1
- Markus 47279 Zum Wolfskuhl- 23
- Martin 47166 Henrich- 7
- Paul 47228 In der Schleuse 1
- Petra 47228 In den Bänden 56
- Ralf 47057 Graben- 143
- Ramona 47169 Agnes- 7
- Regina 47239 Linden- 10
- Rembert 47055 Flieder- 153
- Rolf 47057 Blumen- 95
- Ruth 47166 Kurt-Spindler- 51a
- Sabine 47169 Wall- 31
- Siegfried 47169 Kiebitzmühlen- 7
- Siegfried 47169 Sibyllen- 7
- Siegfried 47058 Kardinal-Galen- 32
- Thomas 47228 Ferdinand- 24
- Tobias 47226 Krefelder- 176b
- Uta 47053 Bach- 12
- Ute 47228 Ferdinand- 24
- Ute 47139 Sandbrück 4
- Uwe 47226 Krefelder- 176b
- Uwe 47179 Kurze- 43
- Volker 47226 Bruckner- 17
Einwohner ● Namen-Teil
A-DU	Firmen, Gewerbebetriebe usw. nach Namen – siehe gelber Teil
